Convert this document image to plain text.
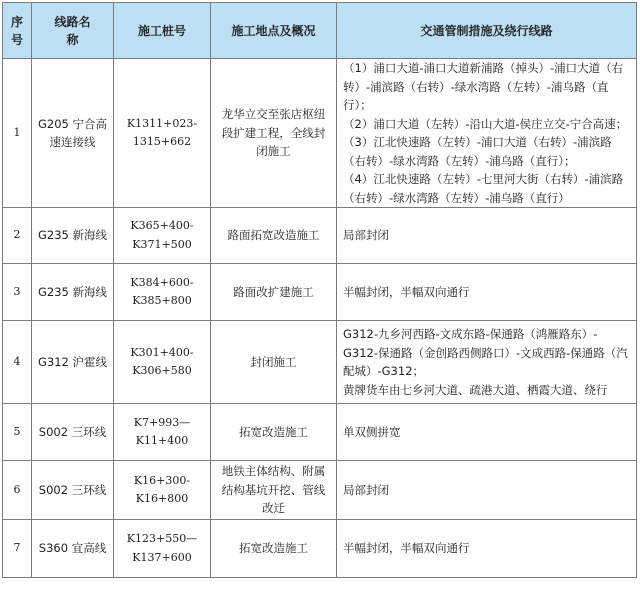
序号	线路名称	施工桩号	施工地点及概况	交通管制措施及绕行线路
1	G205 宁合高速连接线	K1311+023-1315+662	龙华立交至张店枢纽段扩建工程，全线封闭施工	（1）浦口大道-浦口大道新浦路（掉头）-浦口大道（右转）-浦滨路（右转）-绿水湾路（左转）-浦乌路（直行）；
（2）浦口大道（左转）-沿山大道-侯庄立交-宁合高速；
（3）江北快速路（左转）-浦口大道（右转）-浦滨路（右转）-绿水湾路（左转）-浦乌路（直行）；
（4）江北快速路（左转）-七里河大街（右转）-浦滨路（右转）-绿水湾路（左转）-浦乌路（直行）

2	G235 新海线	K365+400-K371+500	路面拓宽改造施工	局部封闭

3	G235 新海线	K384+600-K385+800	路面改扩建施工	半幅封闭，半幅双向通行

4	G312 沪霍线	K301+400-K306+580	封闭施工	G312-九乡河西路-文成东路-保通路（鸿雁路东）-G312-保通路（金创路西侧路口）-文成西路-保通路（汽配城）-G312；
黄牌货车由七乡河大道、疏港大道、栖霞大道、绕行

5	S002 三环线	K7+993—K11+400	拓宽改造施工	单双侧拼宽

6	S002 三环线	K16+300-K16+800	地铁主体结构、附属结构基坑开挖、管线改迁	局部封闭

7	S360 宜高线	K123+550—K137+600	拓宽改造施工	半幅封闭，半幅双向通行
